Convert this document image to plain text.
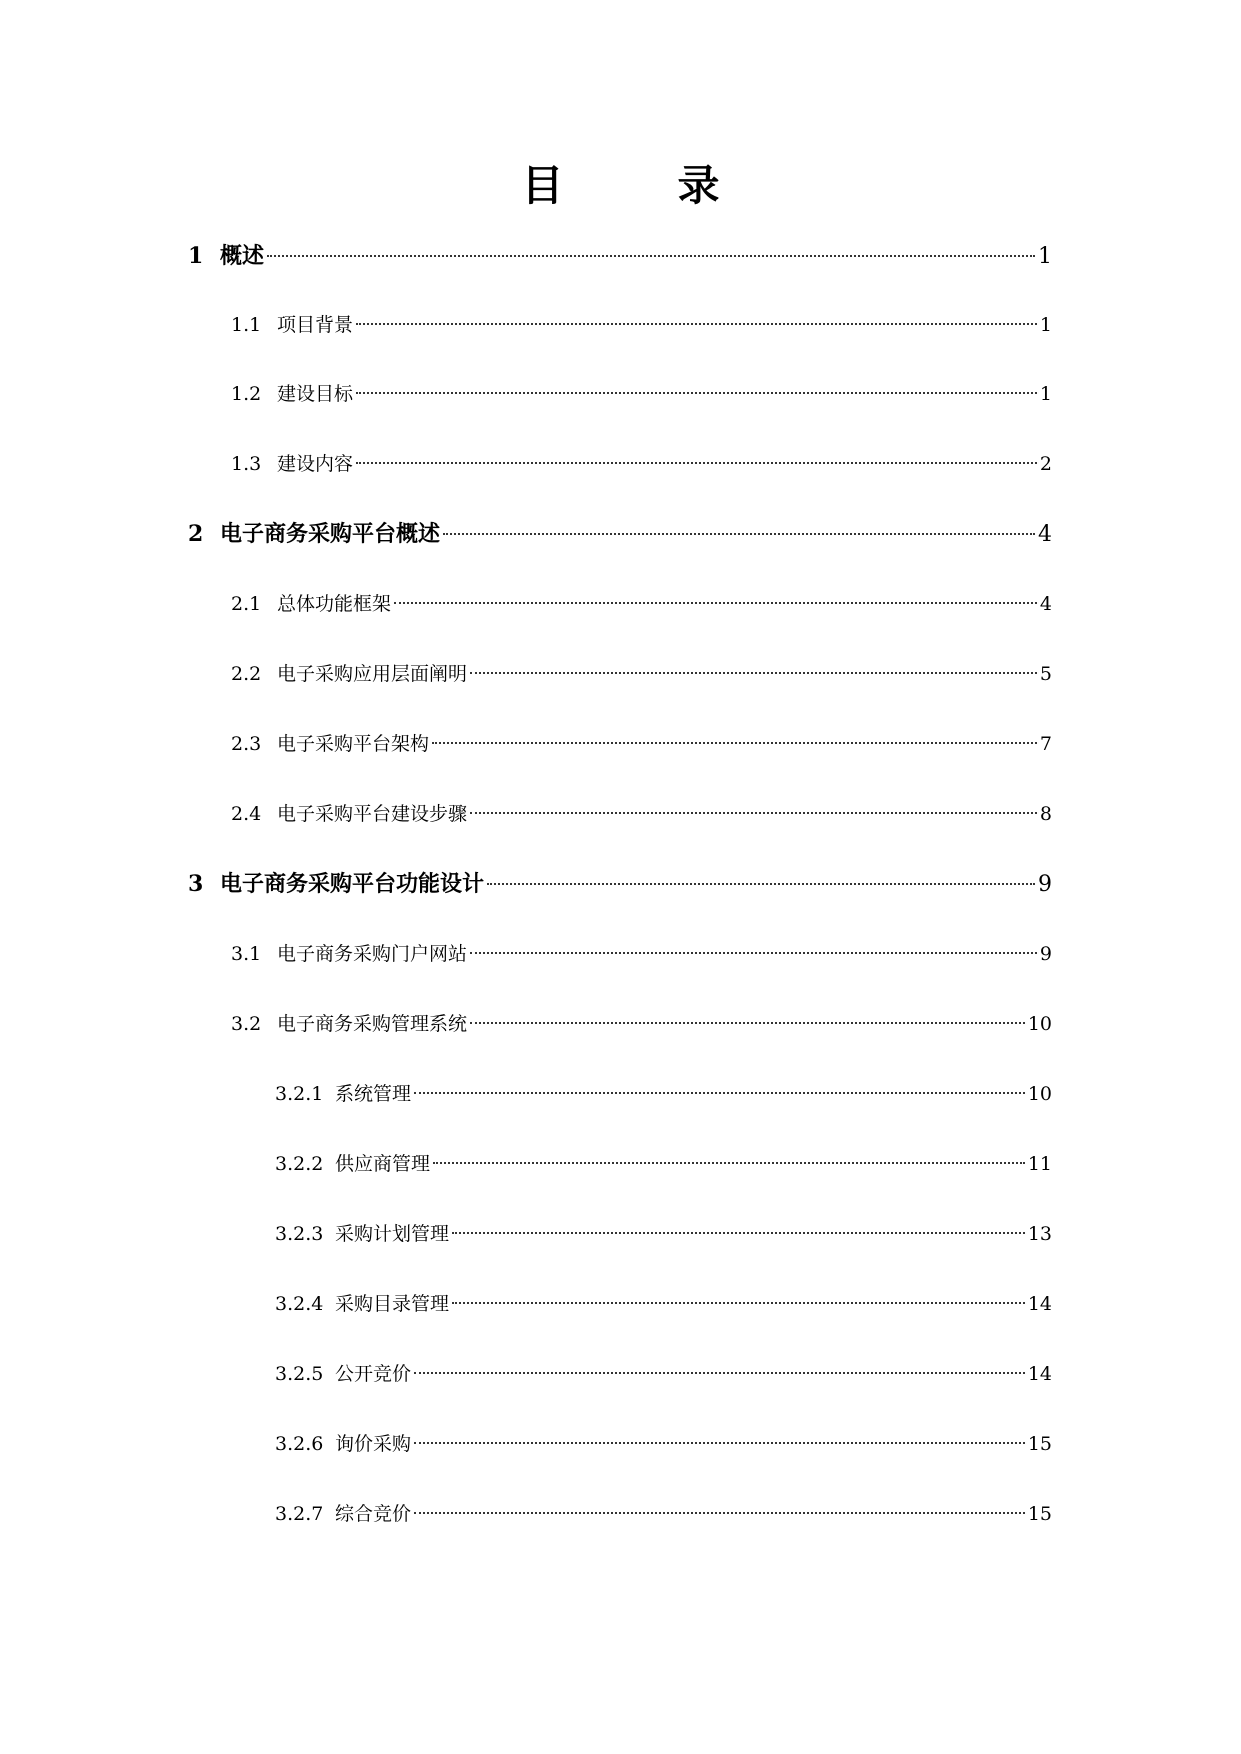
目　录
1 概述	1
1.1 项目背景	1
1.2 建设目标	1
1.3 建设内容	2
2 电子商务采购平台概述	4
2.1 总体功能框架	4
2.2 电子采购应用层面阐明	5
2.3 电子采购平台架构	7
2.4 电子采购平台建设步骤	8
3 电子商务采购平台功能设计	9
3.1 电子商务采购门户网站	9
3.2 电子商务采购管理系统	10
3.2.1 系统管理	10
3.2.2 供应商管理	11
3.2.3 采购计划管理	13
3.2.4 采购目录管理	14
3.2.5 公开竞价	14
3.2.6 询价采购	15
3.2.7 综合竞价	15
